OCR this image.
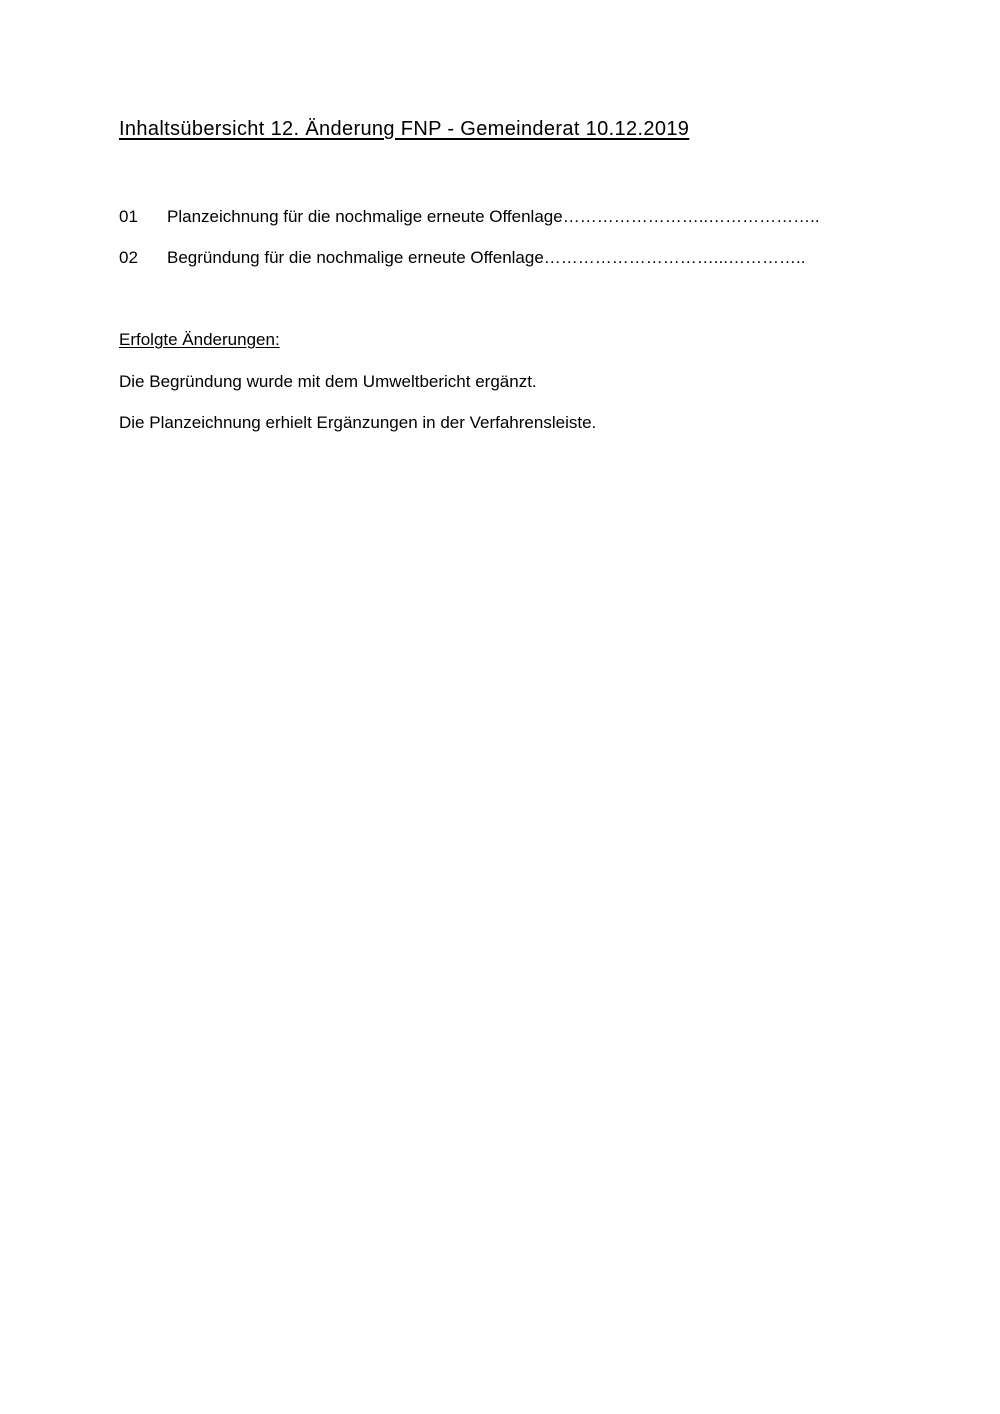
Inhaltsübersicht 12. Änderung FNP - Gemeinderat 10.12.2019
01	Planzeichnung für die nochmalige erneute Offenlage ……………………..………………..
02	Begründung für die nochmalige erneute Offenlage …………………………...…………..
Erfolgte Änderungen:
Die Begründung wurde mit dem Umweltbericht ergänzt.
Die Planzeichnung erhielt Ergänzungen in der Verfahrensleiste.
